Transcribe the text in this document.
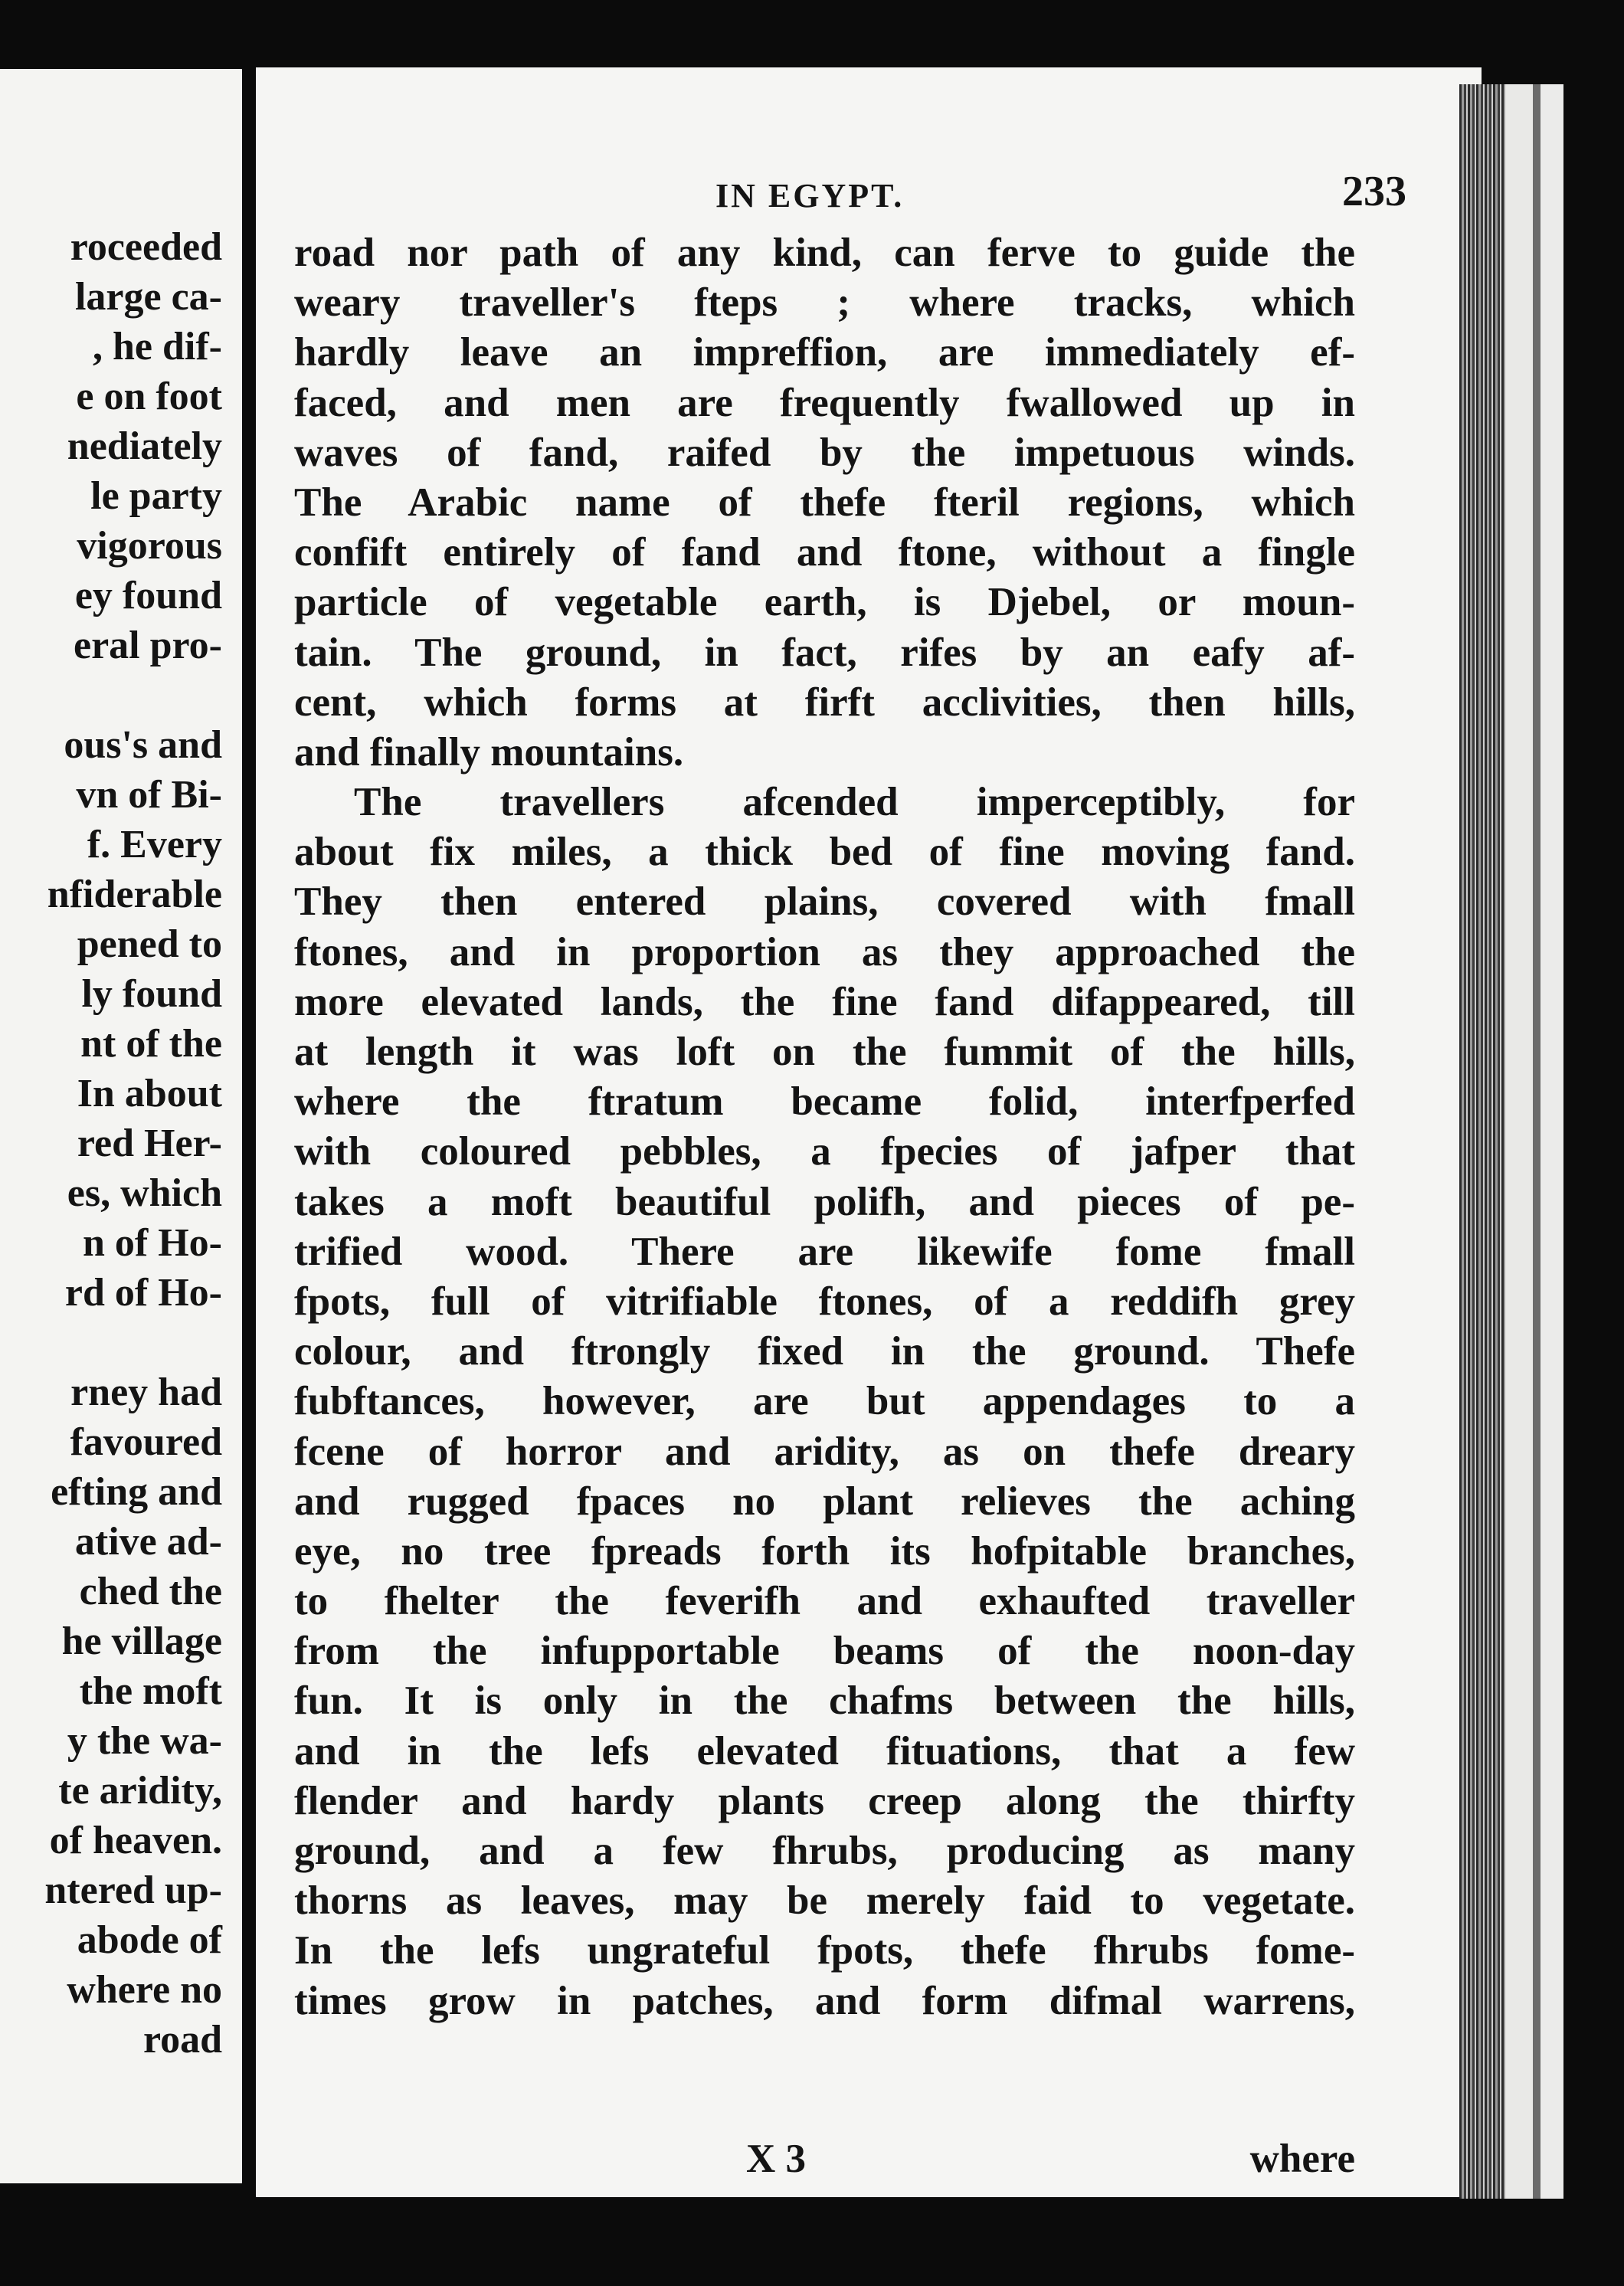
roceeded
large ca-
, he dif-
e on foot
nediately
le party
vigorous
ey found
eral pro-
ous's and
vn of Bi-
f. Every
nfiderable
pened to
ly found
nt of the
In about
red Her-
es, which
n of Ho-
rd of Ho-
rney had
favoured
efting and
ative ad-
ched the
he village
the moft
y the wa-
te aridity,
of heaven.
ntered up-
abode of
where no
road
IN EGYPT.	233
road nor path of any kind, can ferve to guide the
weary traveller's fteps ; where tracks, which
hardly leave an impreffion, are immediately ef-
faced, and men are frequently fwallowed up in
waves of fand, raifed by the impetuous winds.
The Arabic name of thefe fteril regions, which
confift entirely of fand and ftone, without a fingle
particle of vegetable earth, is Djebel, or moun-
tain. The ground, in fact, rifes by an eafy af-
cent, which forms at firft acclivities, then hills,
and finally mountains.
The travellers afcended imperceptibly, for
about fix miles, a thick bed of fine moving fand.
They then entered plains, covered with fmall
ftones, and in proportion as they approached the
more elevated lands, the fine fand difappeared, till
at length it was loft on the fummit of the hills,
where the ftratum became folid, interfperfed
with coloured pebbles, a fpecies of jafper that
takes a moft beautiful polifh, and pieces of pe-
trified wood. There are likewife fome fmall
fpots, full of vitrifiable ftones, of a reddifh grey
colour, and ftrongly fixed in the ground. Thefe
fubftances, however, are but appendages to a
fcene of horror and aridity, as on thefe dreary
and rugged fpaces no plant relieves the aching
eye, no tree fpreads forth its hofpitable branches,
to fhelter the feverifh and exhaufted traveller
from the infupportable beams of the noon-day
fun. It is only in the chafms between the hills,
and in the lefs elevated fituations, that a few
flender and hardy plants creep along the thirfty
ground, and a few fhrubs, producing as many
thorns as leaves, may be merely faid to vegetate.
In the lefs ungrateful fpots, thefe fhrubs fome-
times grow in patches, and form difmal warrens,
X 3	where
